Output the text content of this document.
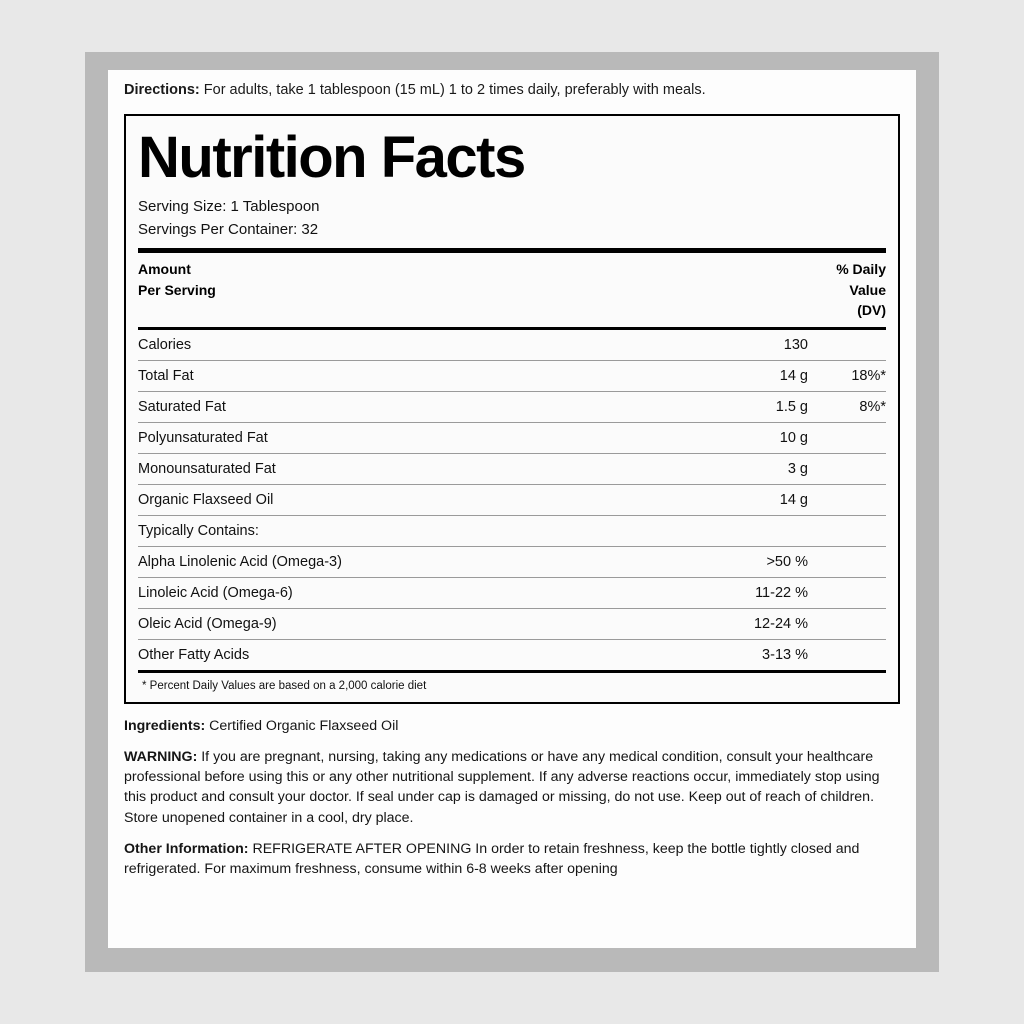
Directions: For adults, take 1 tablespoon (15 mL) 1 to 2 times daily, preferably with meals.
Nutrition Facts
Serving Size: 1 Tablespoon
Servings Per Container: 32
Amount
Per Serving
% Daily
Value
(DV)
Calories	130	
Total Fat	14 g	18%*
Saturated Fat	1.5 g	8%*
Polyunsaturated Fat	10 g	
Monounsaturated Fat	3 g	
Organic Flaxseed Oil	14 g	
Typically Contains:		
Alpha Linolenic Acid (Omega-3)	>50 %	
Linoleic Acid (Omega-6)	11-22 %	
Oleic Acid (Omega-9)	12-24 %	
Other Fatty Acids	3-13 %	
* Percent Daily Values are based on a 2,000 calorie diet
Ingredients: Certified Organic Flaxseed Oil
WARNING: If you are pregnant, nursing, taking any medications or have any medical condition, consult your healthcare professional before using this or any other nutritional supplement. If any adverse reactions occur, immediately stop using this product and consult your doctor. If seal under cap is damaged or missing, do not use. Keep out of reach of children. Store unopened container in a cool, dry place.
Other Information: REFRIGERATE AFTER OPENING In order to retain freshness, keep the bottle tightly closed and refrigerated. For maximum freshness, consume within 6-8 weeks after opening
